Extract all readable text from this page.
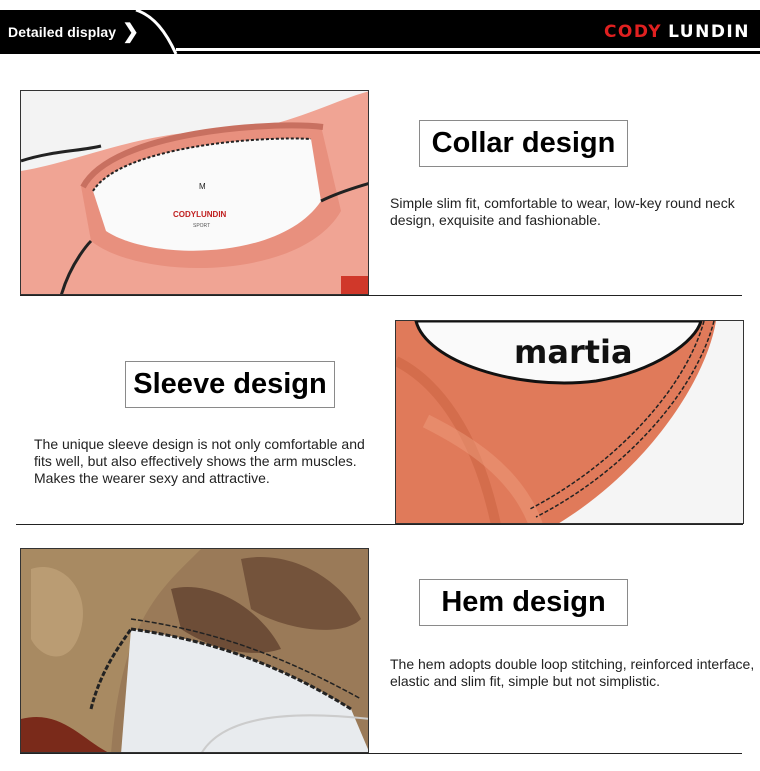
Detailed display ❯	CODY LUNDIN
M
CODYLUNDIN
SPORT
Collar design
Simple slim fit, comfortable to wear, low-key round neck design, exquisite and fashionable.
Sleeve design
The unique sleeve design is not only comfortable and fits well, but also effectively shows the arm muscles. Makes the wearer sexy and attractive.
martia
Hem design
The hem adopts double loop stitching, reinforced interface, elastic and slim fit, simple but not simplistic.
